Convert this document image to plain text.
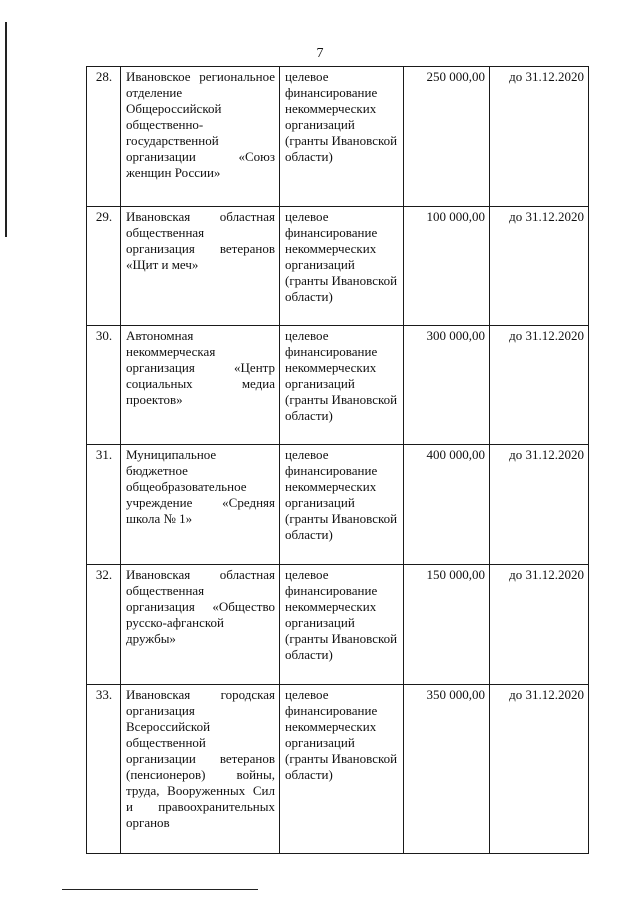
7
28.	Ивановское региональное отделение Общероссийской общественно-государственной организации «Союз женщин России»	целевое финансирование некоммерческих организаций (гранты Ивановской области)	250 000,00	до 31.12.2020
29.	Ивановская областная общественная организация ветеранов «Щит и меч»	целевое финансирование некоммерческих организаций (гранты Ивановской области)	100 000,00	до 31.12.2020
30.	Автономная некоммерческая организация «Центр социальных медиа проектов»	целевое финансирование некоммерческих организаций (гранты Ивановской области)	300 000,00	до 31.12.2020
31.	Муниципальное бюджетное общеобразовательное учреждение «Средняя школа № 1»	целевое финансирование некоммерческих организаций (гранты Ивановской области)	400 000,00	до 31.12.2020
32.	Ивановская областная общественная организация «Общество русско-афганской дружбы»	целевое финансирование некоммерческих организаций (гранты Ивановской области)	150 000,00	до 31.12.2020
33.	Ивановская городская организация Всероссийской общественной организации ветеранов (пенсионеров) войны, труда, Вооруженных Сил и правоохранительных органов	целевое финансирование некоммерческих организаций (гранты Ивановской области)	350 000,00	до 31.12.2020
